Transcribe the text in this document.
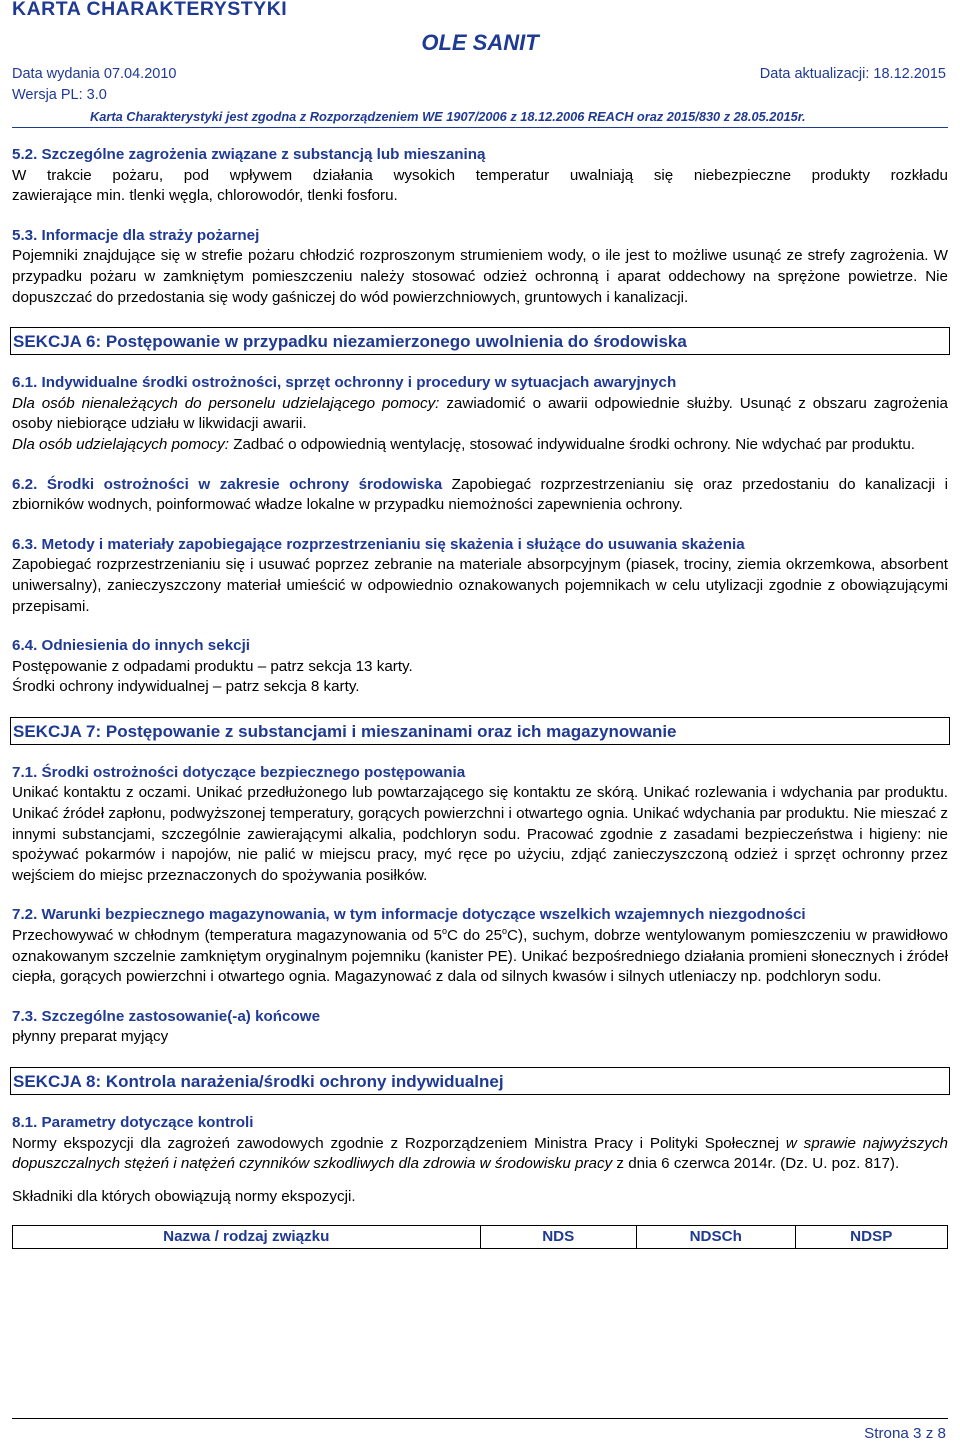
KARTA CHARAKTERYSTYKI
OLE SANIT
Data wydania 07.04.2010	Data aktualizacji: 18.12.2015
Wersja PL: 3.0
Karta Charakterystyki jest zgodna z Rozporządzeniem WE 1907/2006 z 18.12.2006 REACH oraz 2015/830 z 28.05.2015r.

5.2. Szczególne zagrożenia związane z substancją lub mieszaniną

W trakcie pożaru, pod wpływem działania wysokich temperatur uwalniają się niebezpieczne produkty rozkładu

zawierające min. tlenki węgla, chlorowodór, tlenki fosforu.

5.3. Informacje dla straży pożarnej

Pojemniki znajdujące się w strefie pożaru chłodzić rozproszonym strumieniem wody, o ile jest to możliwe usunąć ze strefy zagrożenia. W przypadku pożaru w zamkniętym pomieszczeniu należy stosować odzież ochronną i aparat oddechowy na sprężone powietrze. Nie dopuszczać do przedostania się wody gaśniczej do wód powierzchniowych, gruntowych i kanalizacji.

SEKCJA 6: Postępowanie w przypadku niezamierzonego uwolnienia do środowiska

6.1. Indywidualne środki ostrożności, sprzęt ochronny i procedury w sytuacjach awaryjnych

Dla osób nienależących do personelu udzielającego pomocy: zawiadomić o awarii odpowiednie służby. Usunąć z obszaru zagrożenia osoby niebiorące udziału w likwidacji awarii.

Dla osób udzielających pomocy: Zadbać o odpowiednią wentylację, stosować indywidualne środki ochrony. Nie wdychać par produktu.

6.2. Środki ostrożności w zakresie ochrony środowiska Zapobiegać rozprzestrzenianiu się oraz przedostaniu do kanalizacji i zbiorników wodnych, poinformować władze lokalne w przypadku niemożności zapewnienia ochrony.

6.3. Metody i materiały zapobiegające rozprzestrzenianiu się skażenia i służące do usuwania skażenia

Zapobiegać rozprzestrzenianiu się i usuwać poprzez zebranie na materiale absorpcyjnym (piasek, trociny, ziemia okrzemkowa, absorbent uniwersalny), zanieczyszczony materiał umieścić w odpowiednio oznakowanych pojemnikach w celu utylizacji zgodnie z obowiązującymi przepisami.

6.4. Odniesienia do innych sekcji

Postępowanie z odpadami produktu – patrz sekcja 13 karty.

Środki ochrony indywidualnej – patrz sekcja 8 karty.

SEKCJA 7: Postępowanie z substancjami i mieszaninami oraz ich magazynowanie

7.1. Środki ostrożności dotyczące bezpiecznego postępowania

Unikać kontaktu z oczami. Unikać przedłużonego lub powtarzającego się kontaktu ze skórą. Unikać rozlewania i wdychania par produktu. Unikać źródeł zapłonu, podwyższonej temperatury, gorących powierzchni i otwartego ognia. Unikać wdychania par produktu. Nie mieszać z innymi substancjami, szczególnie zawierającymi alkalia, podchloryn sodu. Pracować zgodnie z zasadami bezpieczeństwa i higieny: nie spożywać pokarmów i napojów, nie palić w miejscu pracy, myć ręce po użyciu, zdjąć zanieczyszczoną odzież i sprzęt ochronny przez wejściem do miejsc przeznaczonych do spożywania posiłków.

7.2. Warunki bezpiecznego magazynowania, w tym informacje dotyczące wszelkich wzajemnych niezgodności

Przechowywać w chłodnym (temperatura magazynowania od 5$^o$C do 25$^o$C), suchym, dobrze wentylowanym pomieszczeniu w prawidłowo oznakowanym szczelnie zamkniętym oryginalnym pojemniku (kanister PE). Unikać bezpośredniego działania promieni słonecznych i źródeł ciepła, gorących powierzchni i otwartego ognia. Magazynować z dala od silnych kwasów i silnych utleniaczy np. podchloryn sodu.

7.3. Szczególne zastosowanie(-a) końcowe

płynny preparat myjący

SEKCJA 8: Kontrola narażenia/środki ochrony indywidualnej

8.1. Parametry dotyczące kontroli

Normy ekspozycji dla zagrożeń zawodowych zgodnie z Rozporządzeniem Ministra Pracy i Polityki Społecznej w sprawie najwyższych dopuszczalnych stężeń i natężeń czynników szkodliwych dla zdrowia w środowisku pracy z dnia 6 czerwca 2014r. (Dz. U. poz. 817).

Składniki dla których obowiązują normy ekspozycji.

Nazwa / rodzaj związku	NDS	NDSCh	NDSP
Strona 3 z 8
